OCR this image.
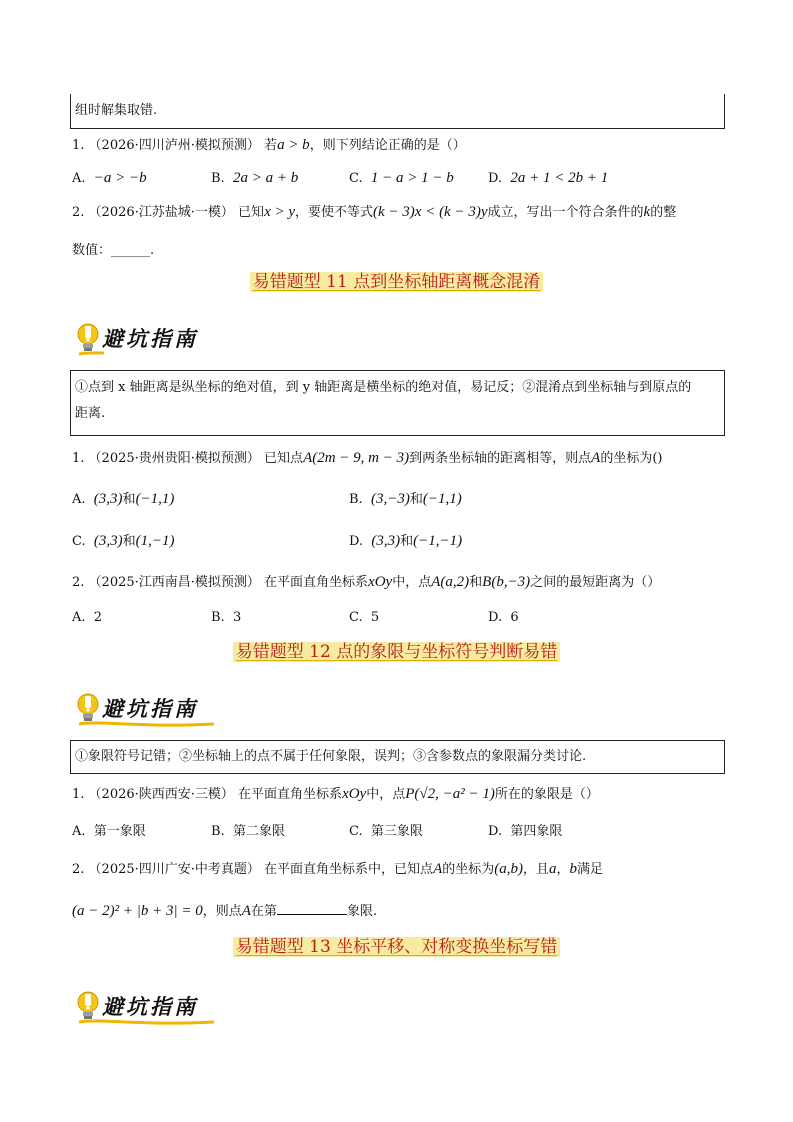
组时解集取错.
1. （2026·四川泸州·模拟预测） 若a > b，则下列结论正确的是（）
A. −a > −b	B. 2a > a + b	C. 1 − a > 1 − b	D. 2a + 1 < 2b + 1
2. （2026·江苏盐城·一模） 已知x > y，要使不等式(k − 3)x < (k − 3)y成立，写出一个符合条件的k的整
数值：______.
易错题型 11 点到坐标轴距离概念混淆
避坑指南
①点到 x 轴距离是纵坐标的绝对值，到 y 轴距离是横坐标的绝对值，易记反；②混淆点到坐标轴与到原点的
距离.
1. （2025·贵州贵阳·模拟预测） 已知点A(2m − 9, m − 3)到两条坐标轴的距离相等，则点A的坐标为()
A. (3,3)和(−1,1)	B. (3,−3)和(−1,1)
C. (3,3)和(1,−1)	D. (3,3)和(−1,−1)
2. （2025·江西南昌·模拟预测） 在平面直角坐标系xOy中，点A(a,2)和B(b,−3)之间的最短距离为（）
A. 2	B. 3	C. 5	D. 6
易错题型 12 点的象限与坐标符号判断易错
避坑指南
①象限符号记错；②坐标轴上的点不属于任何象限，误判；③含参数点的象限漏分类讨论.
1. （2026·陕西西安·三模） 在平面直角坐标系xOy中，点P(√2, −a² − 1)所在的象限是（）
A. 第一象限	B. 第二象限	C. 第三象限	D. 第四象限
2. （2025·四川广安·中考真题） 在平面直角坐标系中，已知点A的坐标为(a,b)，且a，b满足
(a − 2)² + |b + 3| = 0，则点A在第	象限.
易错题型 13 坐标平移、对称变换坐标写错
避坑指南
